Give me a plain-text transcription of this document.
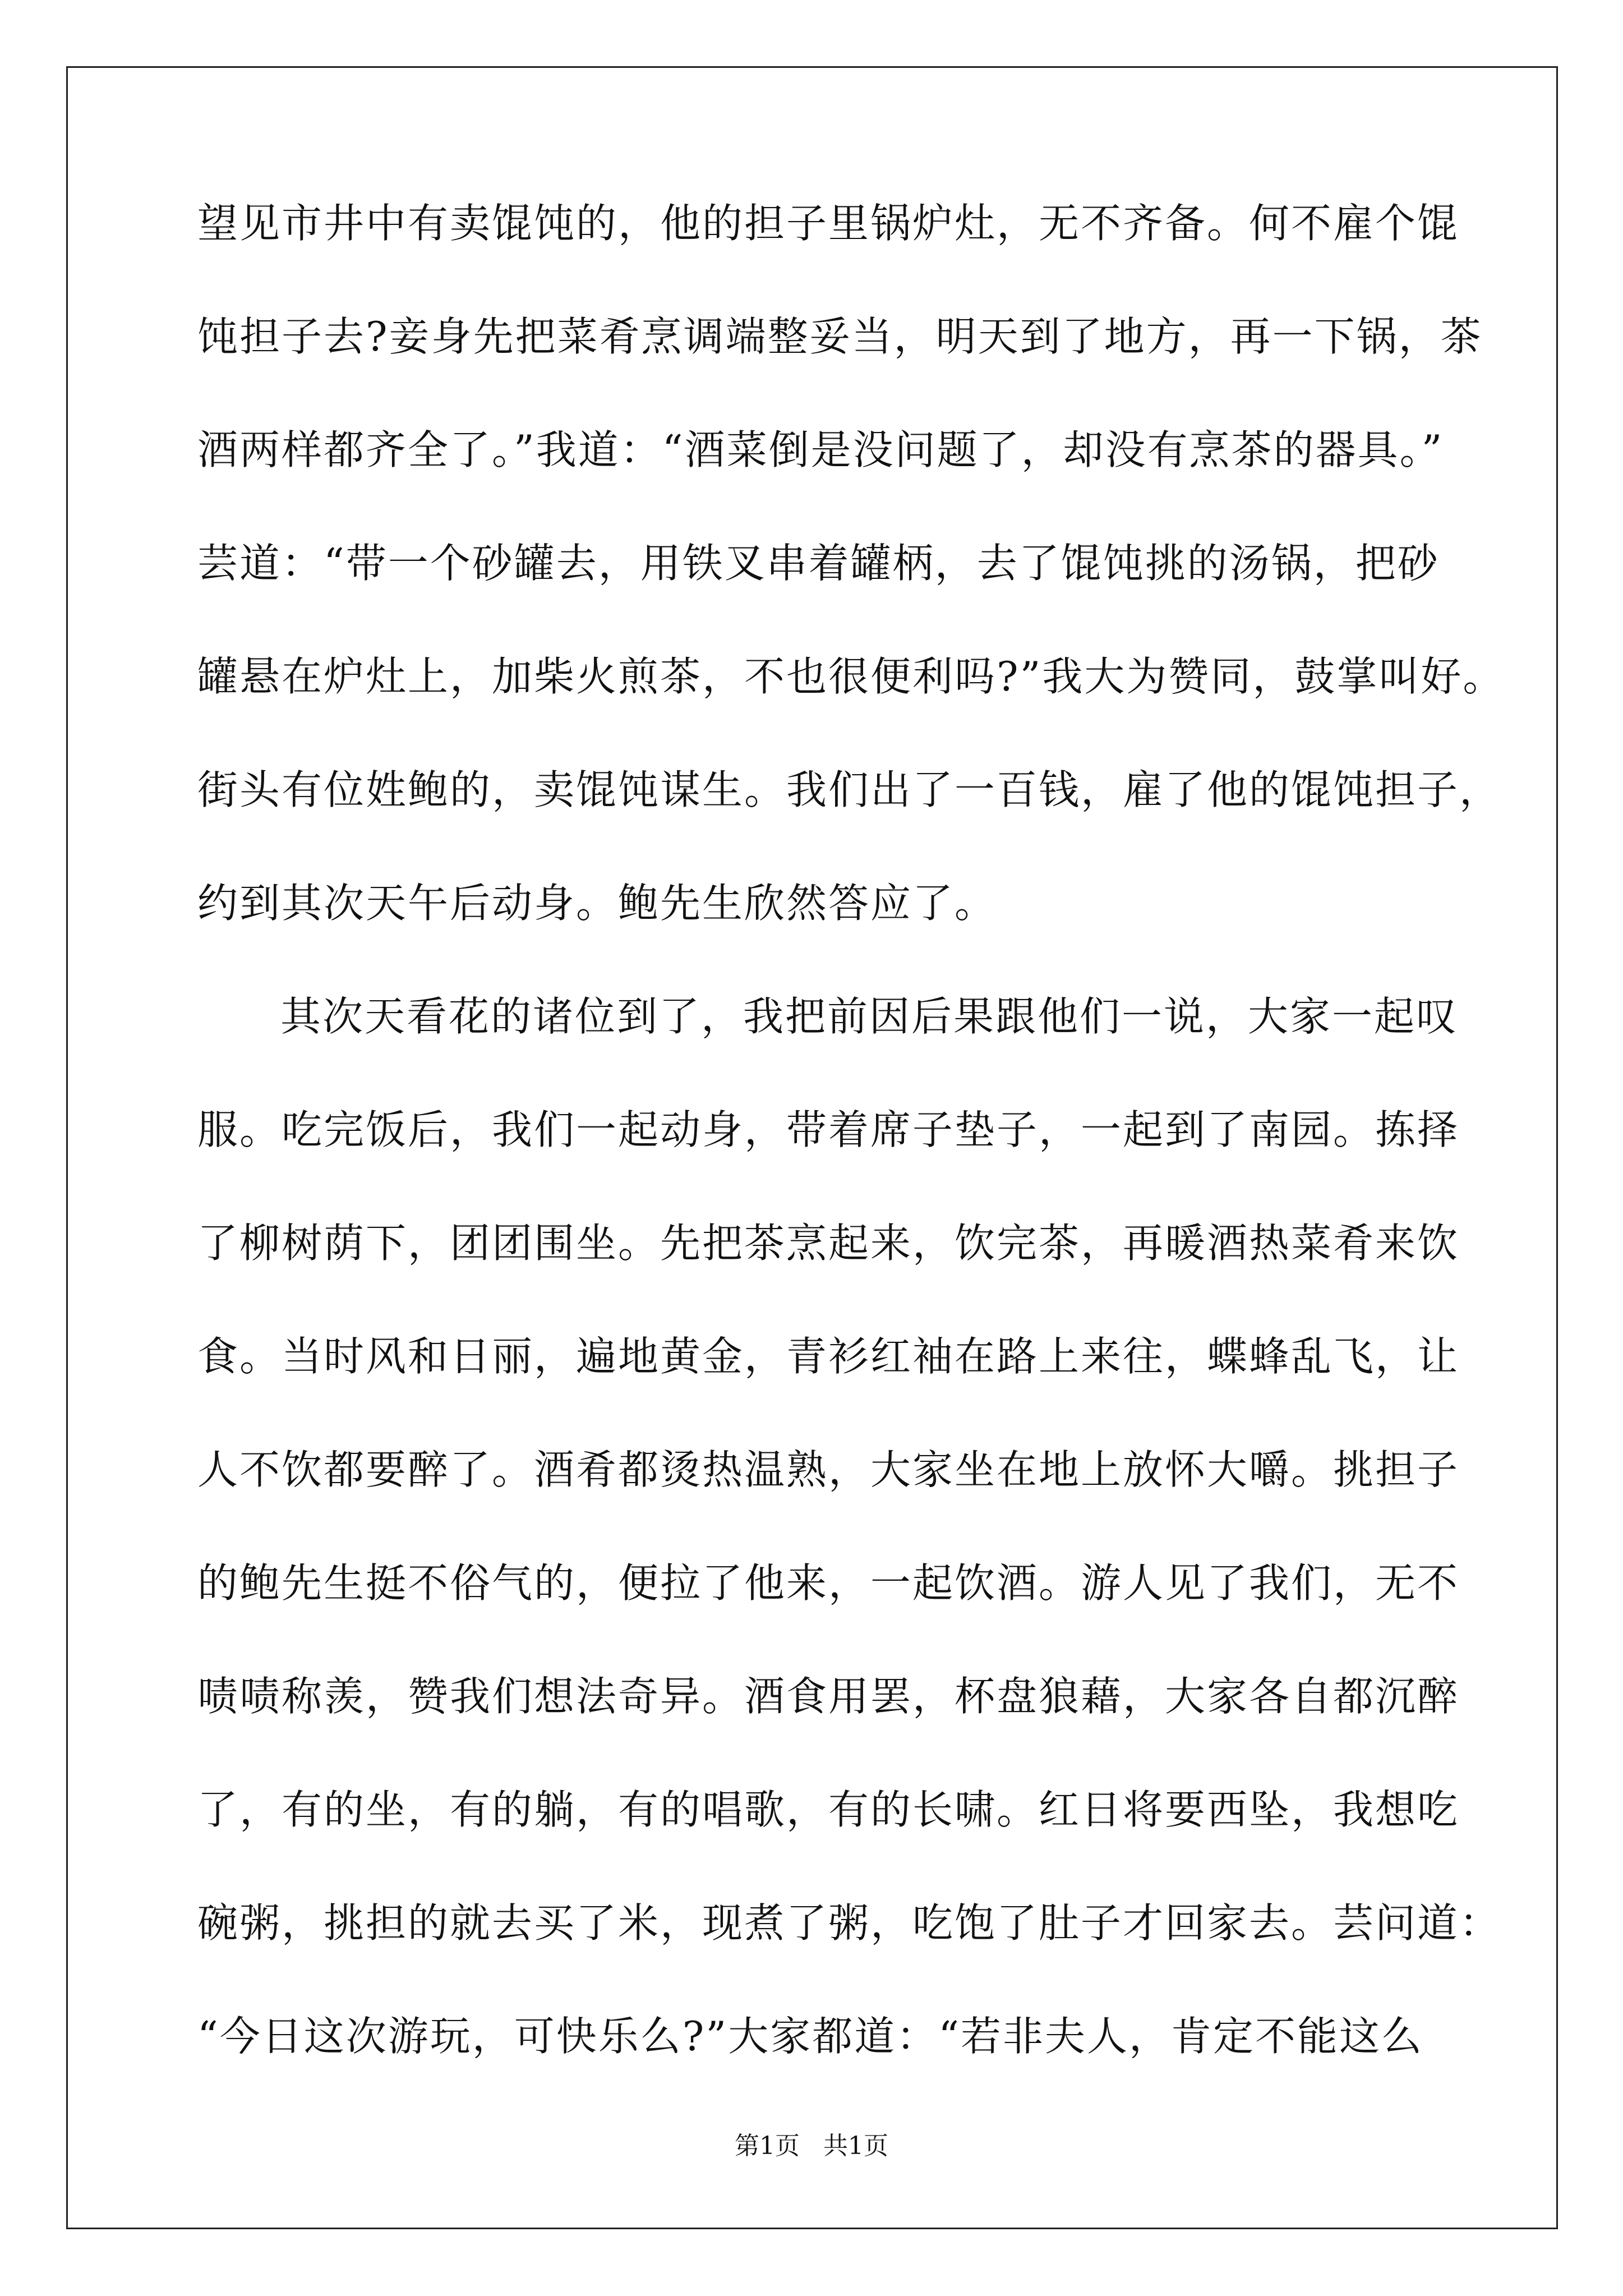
望见市井中有卖馄饨的，他的担子里锅炉灶，无不齐备。何不雇个馄
饨担子去?妾身先把菜肴烹调端整妥当，明天到了地方，再一下锅，茶
酒两样都齐全了。”我道：“酒菜倒是没问题了，却没有烹茶的器具。”
芸道：“带一个砂罐去，用铁叉串着罐柄，去了馄饨挑的汤锅，把砂
罐悬在炉灶上，加柴火煎茶，不也很便利吗?”我大为赞同，鼓掌叫好。
街头有位姓鲍的，卖馄饨谋生。我们出了一百钱，雇了他的馄饨担子，
约到其次天午后动身。鲍先生欣然答应了。
其次天看花的诸位到了，我把前因后果跟他们一说，大家一起叹
服。吃完饭后，我们一起动身，带着席子垫子，一起到了南园。拣择
了柳树荫下，团团围坐。先把茶烹起来，饮完茶，再暖酒热菜肴来饮
食。当时风和日丽，遍地黄金，青衫红袖在路上来往，蝶蜂乱飞，让
人不饮都要醉了。酒肴都烫热温熟，大家坐在地上放怀大嚼。挑担子
的鲍先生挺不俗气的，便拉了他来，一起饮酒。游人见了我们，无不
啧啧称羡，赞我们想法奇异。酒食用罢，杯盘狼藉，大家各自都沉醉
了，有的坐，有的躺，有的唱歌，有的长啸。红日将要西坠，我想吃
碗粥，挑担的就去买了米，现煮了粥，吃饱了肚子才回家去。芸问道：
“今日这次游玩，可快乐么?”大家都道：“若非夫人，肯定不能这么
第1页   共1页
